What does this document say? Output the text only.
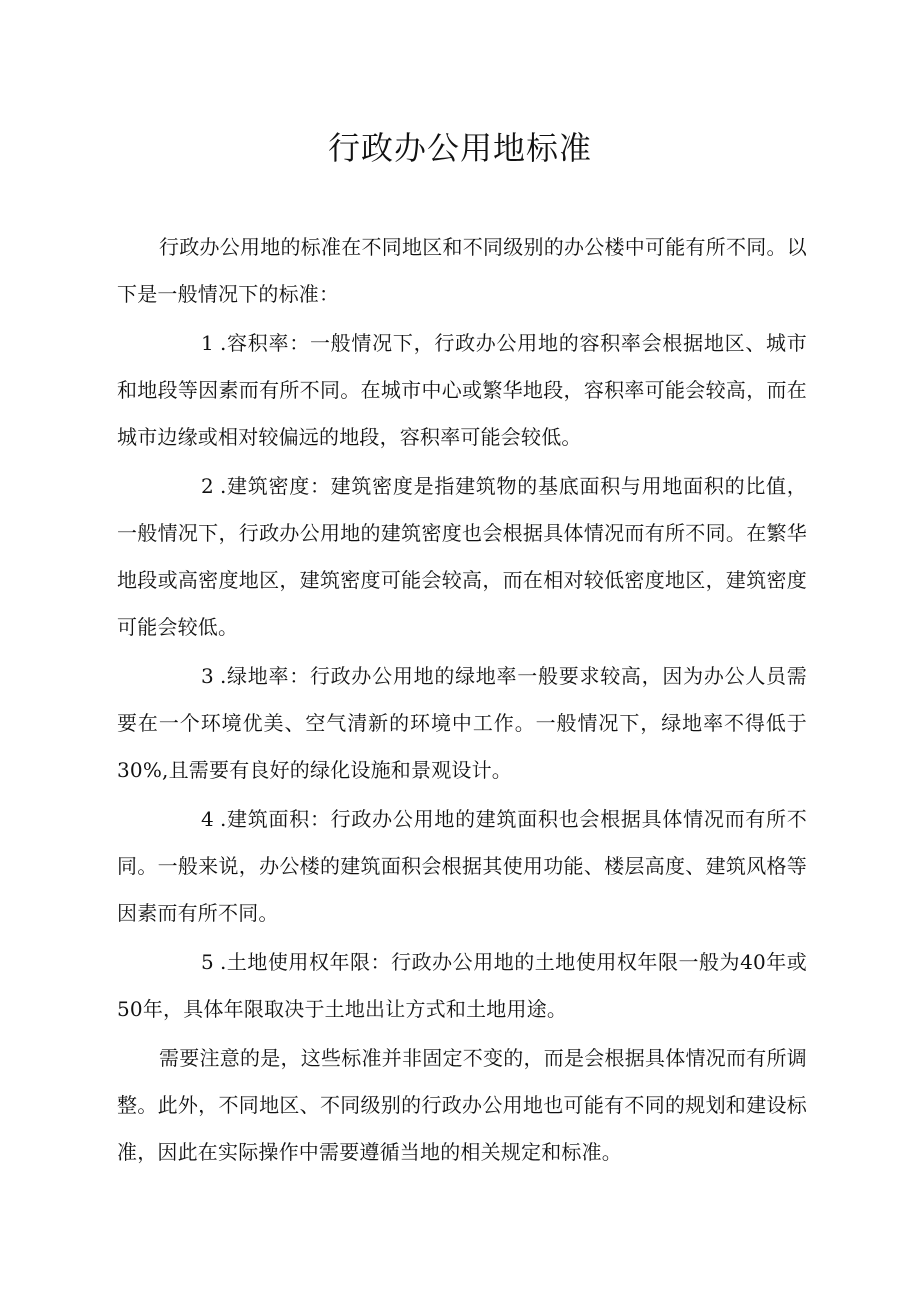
行政办公用地标准

行政办公用地的标准在不同地区和不同级别的办公楼中可能有所不同。以下是一般情况下的标准：

1 .容积率：一般情况下，行政办公用地的容积率会根据地区、城市和地段等因素而有所不同。在城市中心或繁华地段，容积率可能会较高，而在城市边缘或相对较偏远的地段，容积率可能会较低。

2 .建筑密度：建筑密度是指建筑物的基底面积与用地面积的比值，一般情况下，行政办公用地的建筑密度也会根据具体情况而有所不同。在繁华地段或高密度地区，建筑密度可能会较高，而在相对较低密度地区，建筑密度可能会较低。

3 .绿地率：行政办公用地的绿地率一般要求较高，因为办公人员需要在一个环境优美、空气清新的环境中工作。一般情况下，绿地率不得低于30%,且需要有良好的绿化设施和景观设计。

4 .建筑面积：行政办公用地的建筑面积也会根据具体情况而有所不同。一般来说，办公楼的建筑面积会根据其使用功能、楼层高度、建筑风格等因素而有所不同。

5 .土地使用权年限：行政办公用地的土地使用权年限一般为40年或50年，具体年限取决于土地出让方式和土地用途。

需要注意的是，这些标准并非固定不变的，而是会根据具体情况而有所调整。此外，不同地区、不同级别的行政办公用地也可能有不同的规划和建设标准，因此在实际操作中需要遵循当地的相关规定和标准。
